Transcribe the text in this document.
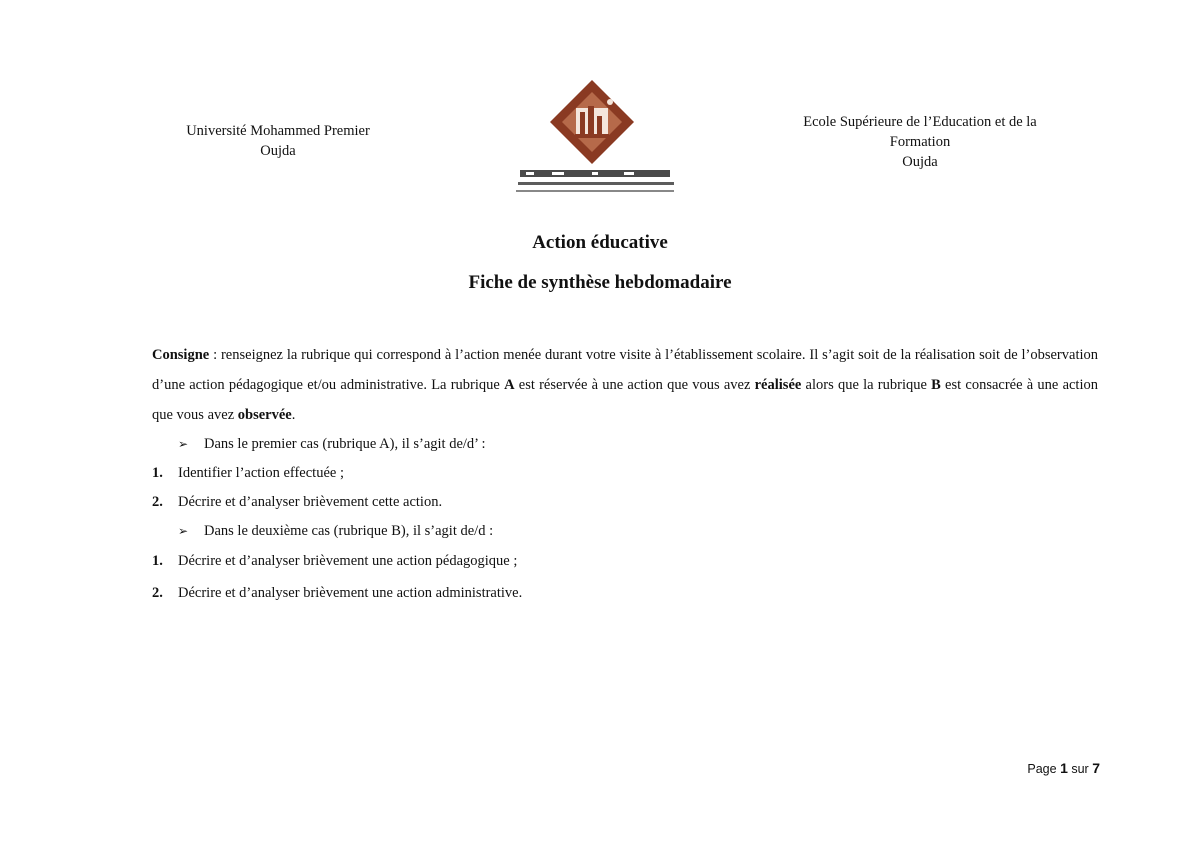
Université Mohammed Premier
Oujda
Ecole Supérieure de l’Education et de la
Formation
Oujda
Action éducative
Fiche de synthèse hebdomadaire

Consigne : renseignez la rubrique qui correspond à l’action menée durant votre visite à l’établissement scolaire. Il s’agit soit de la réalisation soit de l’observation d’une action pédagogique et/ou administrative. La rubrique A est réservée à une action que vous avez réalisée alors que la rubrique B est consacrée à une action que vous avez observée.

➢ Dans le premier cas (rubrique A), il s’agit de/d’ :
1. Identifier l’action effectuée ;
2. Décrire et d’analyser brièvement cette action.
➢ Dans le deuxième cas (rubrique B), il s’agit de/d :
1. Décrire et d’analyser brièvement une action pédagogique ;
2. Décrire et d’analyser brièvement une action administrative.
Page 1 sur 7
